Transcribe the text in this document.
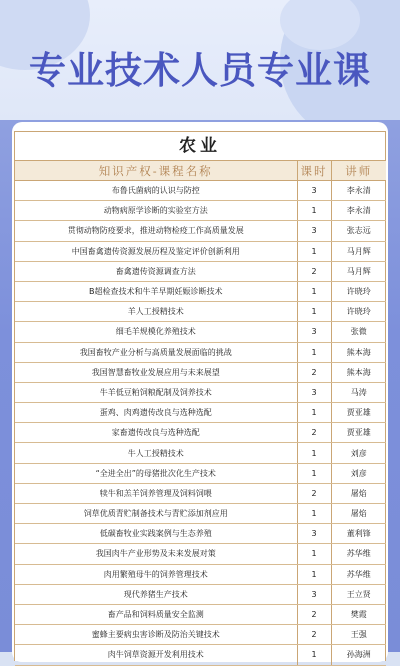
专业技术人员专业课
农业
知识产权-课程名称	课时	讲师
布鲁氏菌病的认识与防控	3	李永清
动物病原学诊断的实验室方法	1	李永清
贯彻动物防疫要求，推进动物检疫工作高质量发展	3	张志远
中国畜禽遗传资源发展历程及鉴定评价创新利用	1	马月辉
畜禽遗传资源调查方法	2	马月辉
B超检查技术和牛羊早期妊娠诊断技术	1	许晓玲
羊人工授精技术	1	许晓玲
细毛羊规模化养殖技术	3	张微
我国畜牧产业分析与高质量发展面临的挑战	1	熊本海
我国智慧畜牧业发展应用与未来展望	2	熊本海
牛羊低豆粕饲粮配制及饲养技术	3	马涛
蛋鸡、肉鸡遗传改良与选种选配	1	贾亚雄
家畜遗传改良与选种选配	2	贾亚雄
牛人工授精技术	1	刘彦
“全进全出”的母猪批次化生产技术	1	刘彦
犊牛和羔羊饲养管理及饲料饲喂	2	屠焰
饲草优质青贮制备技术与青贮添加剂应用	1	屠焰
低碳畜牧业实践案例与生态养殖	3	董利锋
我国肉牛产业形势及未来发展对策	1	苏华维
肉用繁殖母牛的饲养管理技术	1	苏华维
现代养猪生产技术	3	王立贤
畜产品和饲料质量安全监测	2	樊霞
蜜蜂主要病虫害诊断及防治关键技术	2	王强
肉牛饲草资源开发利用技术	1	孙海洲
